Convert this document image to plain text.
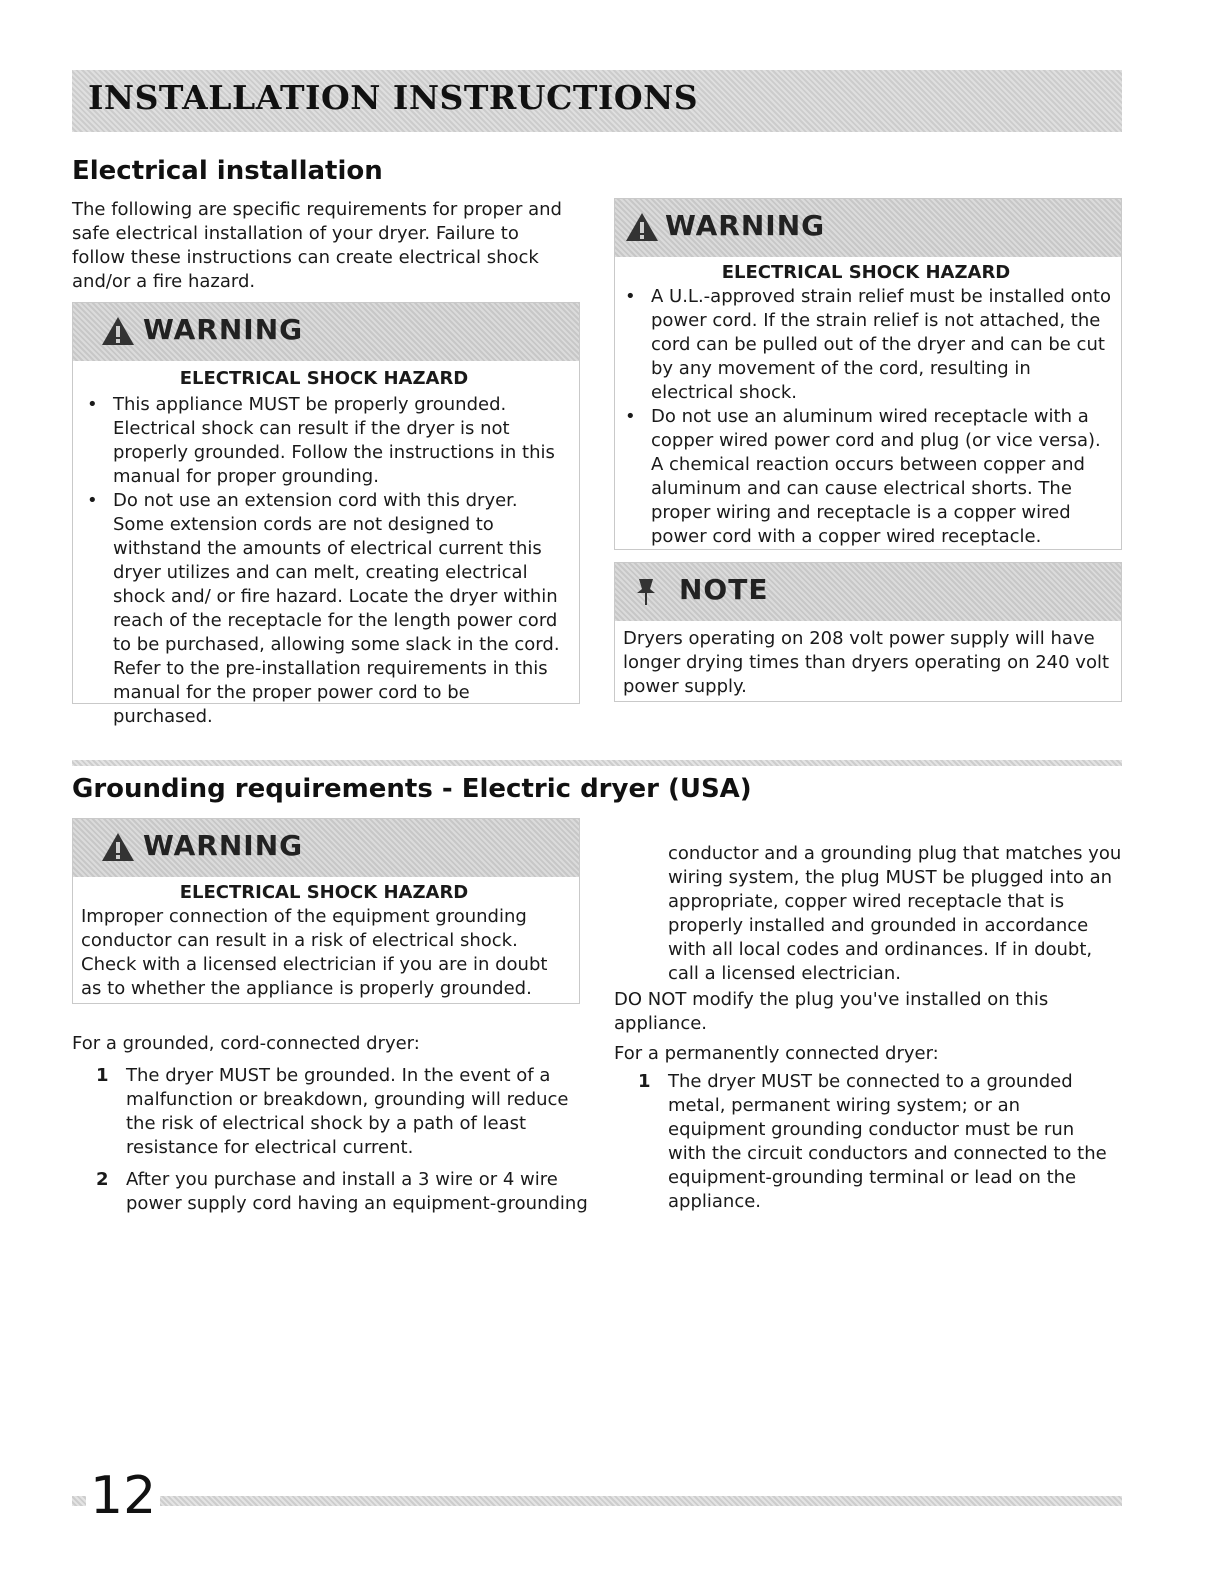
INSTALLATION INSTRUCTIONS
Electrical installation
The following are specific requirements for proper and safe electrical installation of your dryer. Failure to follow these instructions can create electrical shock and/or a fire hazard.
WARNING
ELECTRICAL SHOCK HAZARD
• This appliance MUST be properly grounded. Electrical shock can result if the dryer is not properly grounded. Follow the instructions in this manual for proper grounding.
• Do not use an extension cord with this dryer. Some extension cords are not designed to withstand the amounts of electrical current this dryer utilizes and can melt, creating electrical shock and/ or fire hazard. Locate the dryer within reach of the receptacle for the length power cord to be purchased, allowing some slack in the cord. Refer to the pre-installation requirements in this manual for the proper power cord to be purchased.
WARNING
ELECTRICAL SHOCK HAZARD
• A U.L.-approved strain relief must be installed onto power cord. If the strain relief is not attached, the cord can be pulled out of the dryer and can be cut by any movement of the cord, resulting in electrical shock.
• Do not use an aluminum wired receptacle with a copper wired power cord and plug (or vice versa). A chemical reaction occurs between copper and aluminum and can cause electrical shorts. The proper wiring and receptacle is a copper wired power cord with a copper wired receptacle.
NOTE
Dryers operating on 208 volt power supply will have longer drying times than dryers operating on 240 volt power supply.
Grounding requirements - Electric dryer (USA)
WARNING
ELECTRICAL SHOCK HAZARD
Improper connection of the equipment grounding conductor can result in a risk of electrical shock. Check with a licensed electrician if you are in doubt as to whether the appliance is properly grounded.
For a grounded, cord-connected dryer:
1 The dryer MUST be grounded. In the event of a malfunction or breakdown, grounding will reduce the risk of electrical shock by a path of least resistance for electrical current.
2 After you purchase and install a 3 wire or 4 wire power supply cord having an equipment-grounding
conductor and a grounding plug that matches you wiring system, the plug MUST be plugged into an appropriate, copper wired receptacle that is properly installed and grounded in accordance with all local codes and ordinances. If in doubt, call a licensed electrician.
DO NOT modify the plug you've installed on this appliance.
For a permanently connected dryer:
1 The dryer MUST be connected to a grounded metal, permanent wiring system; or an equipment grounding conductor must be run with the circuit conductors and connected to the equipment-grounding terminal or lead on the appliance.
12
